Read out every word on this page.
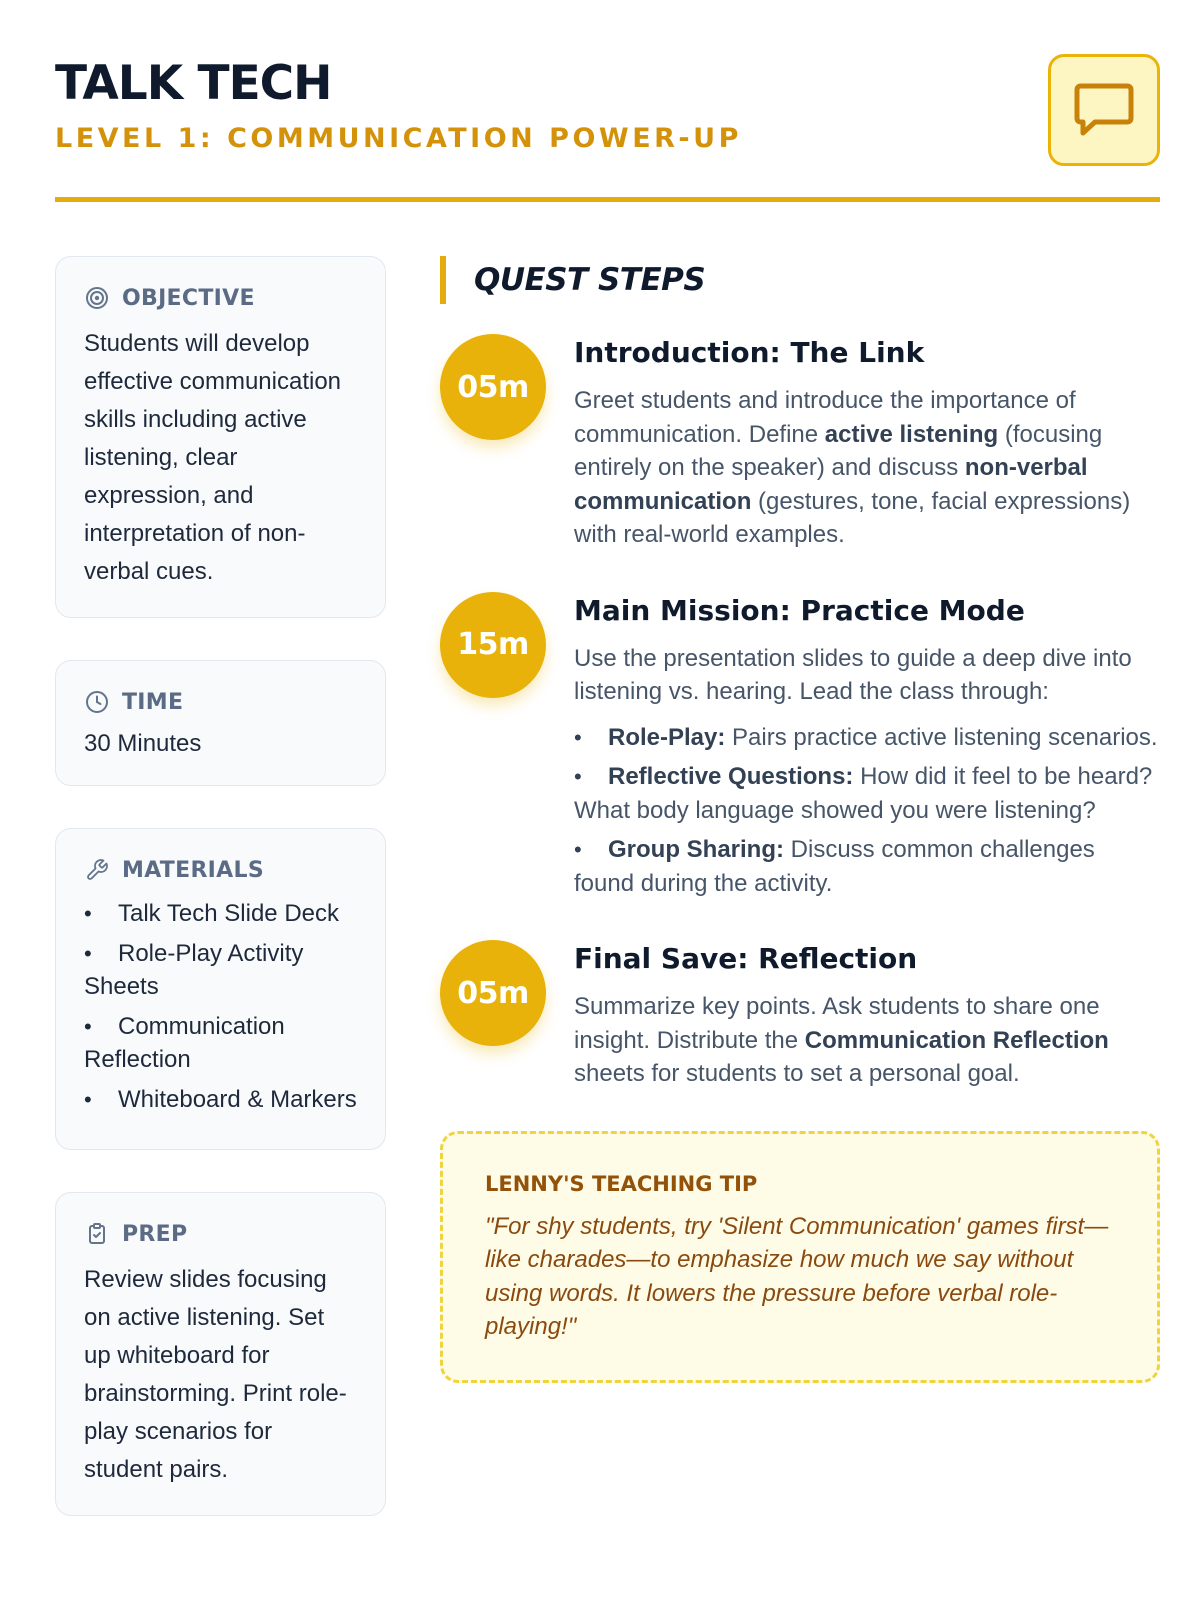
TALK TECH
LEVEL 1: COMMUNICATION POWER-UP
OBJECTIVE

Students will develop effective communication skills including active listening, clear expression, and interpretation of non-verbal cues.

TIME

30 Minutes

MATERIALS
• Talk Tech Slide Deck
• Role-Play Activity Sheets
• Communication Reflection
• Whiteboard & Markers
PREP

Review slides focusing on active listening. Set up whiteboard for brainstorming. Print role-play scenarios for student pairs.

QUEST STEPS
05m
Introduction: The Link

Greet students and introduce the importance of communication. Define active listening (focusing entirely on the speaker) and discuss non-verbal communication (gestures, tone, facial expressions) with real-world examples.

15m
Main Mission: Practice Mode

Use the presentation slides to guide a deep dive into listening vs. hearing. Lead the class through:

• Role-Play: Pairs practice active listening scenarios.
• Reflective Questions: How did it feel to be heard? What body language showed you were listening?
• Group Sharing: Discuss common challenges found during the activity.
05m
Final Save: Reflection

Summarize key points. Ask students to share one insight. Distribute the Communication Reflection sheets for students to set a personal goal.

LENNY'S TEACHING TIP

"For shy students, try 'Silent Communication' games first—like charades—to emphasize how much we say without using words. It lowers the pressure before verbal role-playing!"
